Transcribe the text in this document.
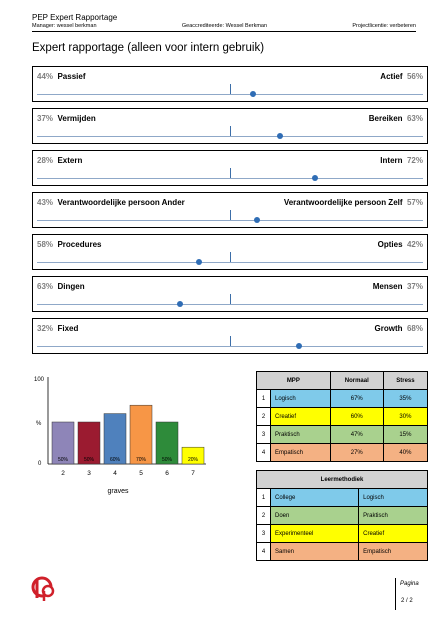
PEP Expert Rapportage
Manager: wessel berkman	Geaccrediteerde: Wessel Berkman	Projectlicentie: verbeteren
Expert rapportage (alleen voor intern gebruik)
44% Passief	Actief 56%
37% Vermijden	Bereiken 63%
28% Extern	Intern 72%
43% Verantwoordelijke persoon Ander	Verantwoordelijke persoon Zelf 57%
58% Procedures	Opties 42%
63% Dingen	Mensen 37%
32% Fixed	Growth 68%
100
%
0
50%
2
50%
3
60%
4
70%
5
50%
6
20%
7
graves
MPP		Normaal	Stress
1	Logisch	67%	35%
2	Creatief	60%	30%
3	Praktisch	47%	15%
4	Empatisch	27%	40%
Leermethodiek		
1	College	Logisch
2	Doen	Praktisch
3	Experimenteel	Creatief
4	Samen	Empatisch
Pagina
2 / 2
